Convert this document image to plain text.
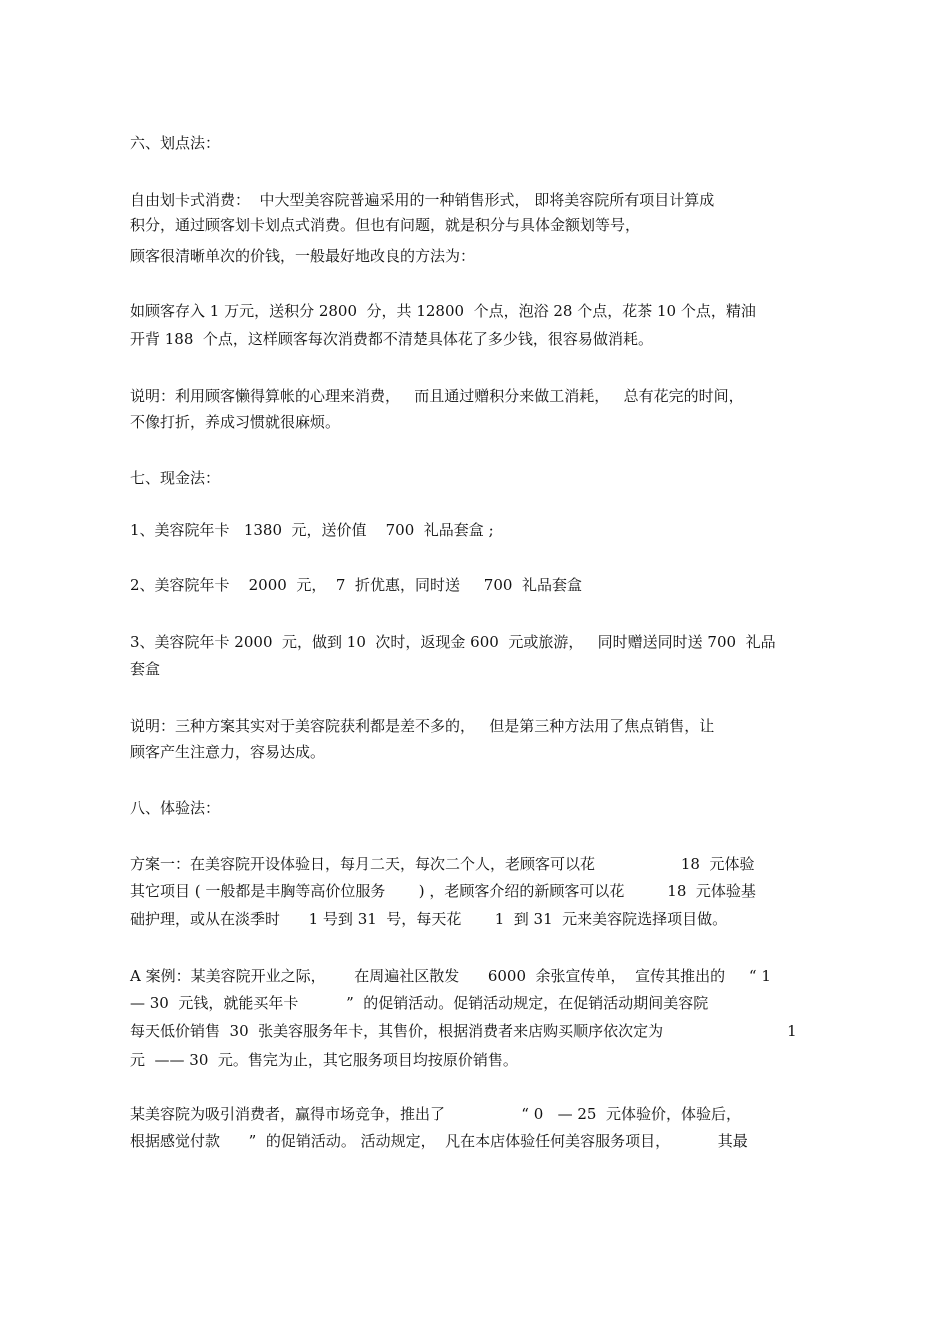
六、划点法：
自由划卡式消费：  中大型美容院普遍采用的一种销售形式， 即将美容院所有项目计算成
积分，通过顾客划卡划点式消费。但也有问题，就是积分与具体金额划等号，
顾客很清晰单次的价钱，一般最好地改良的方法为：
如顾客存入 1 万元，送积分 2800  分，共 12800  个点，泡浴 28 个点，花茶 10 个点，精油
开背 188  个点，这样顾客每次消费都不清楚具体花了多少钱，很容易做消耗。
说明：利用顾客懒得算帐的心理来消费，   而且通过赠积分来做工消耗，   总有花完的时间，
不像打折，养成习惯就很麻烦。
七、现金法：
1、美容院年卡   1380  元，送价值    700  礼品套盒 ;
2、美容院年卡    2000  元，  7  折优惠，同时送     700  礼品套盒
3、美容院年卡 2000  元，做到 10  次时，返现金 600  元或旅游，   同时赠送同时送 700  礼品
套盒
说明：三种方案其实对于美容院获利都是差不多的，   但是第三种方法用了焦点销售，让
顾客产生注意力，容易达成。
八、体验法：
方案一：在美容院开设体验日，每月二天，每次二个人，老顾客可以花                  18  元体验
其它项目 ( 一般都是丰胸等高价位服务       ) ，老顾客介绍的新顾客可以花         18  元体验基
础护理，或从在淡季时      1 号到 31  号，每天花       1  到 31  元来美容院选择项目做。
A 案例：某美容院开业之际，      在周遍社区散发      6000  余张宣传单，  宣传其推出的     “ 1
— 30  元钱，就能买年卡          ”  的促销活动。促销活动规定，在促销活动期间美容院
每天低价销售  30  张美容服务年卡，其售价，根据消费者来店购买顺序依次定为                          1
元  —— 30  元。售完为止，其它服务项目均按原价销售。
某美容院为吸引消费者，赢得市场竞争，推出了                “ 0   — 25  元体验价，体验后，
根据感觉付款      ”  的促销活动。 活动规定，  凡在本店体验任何美容服务项目，          其最
